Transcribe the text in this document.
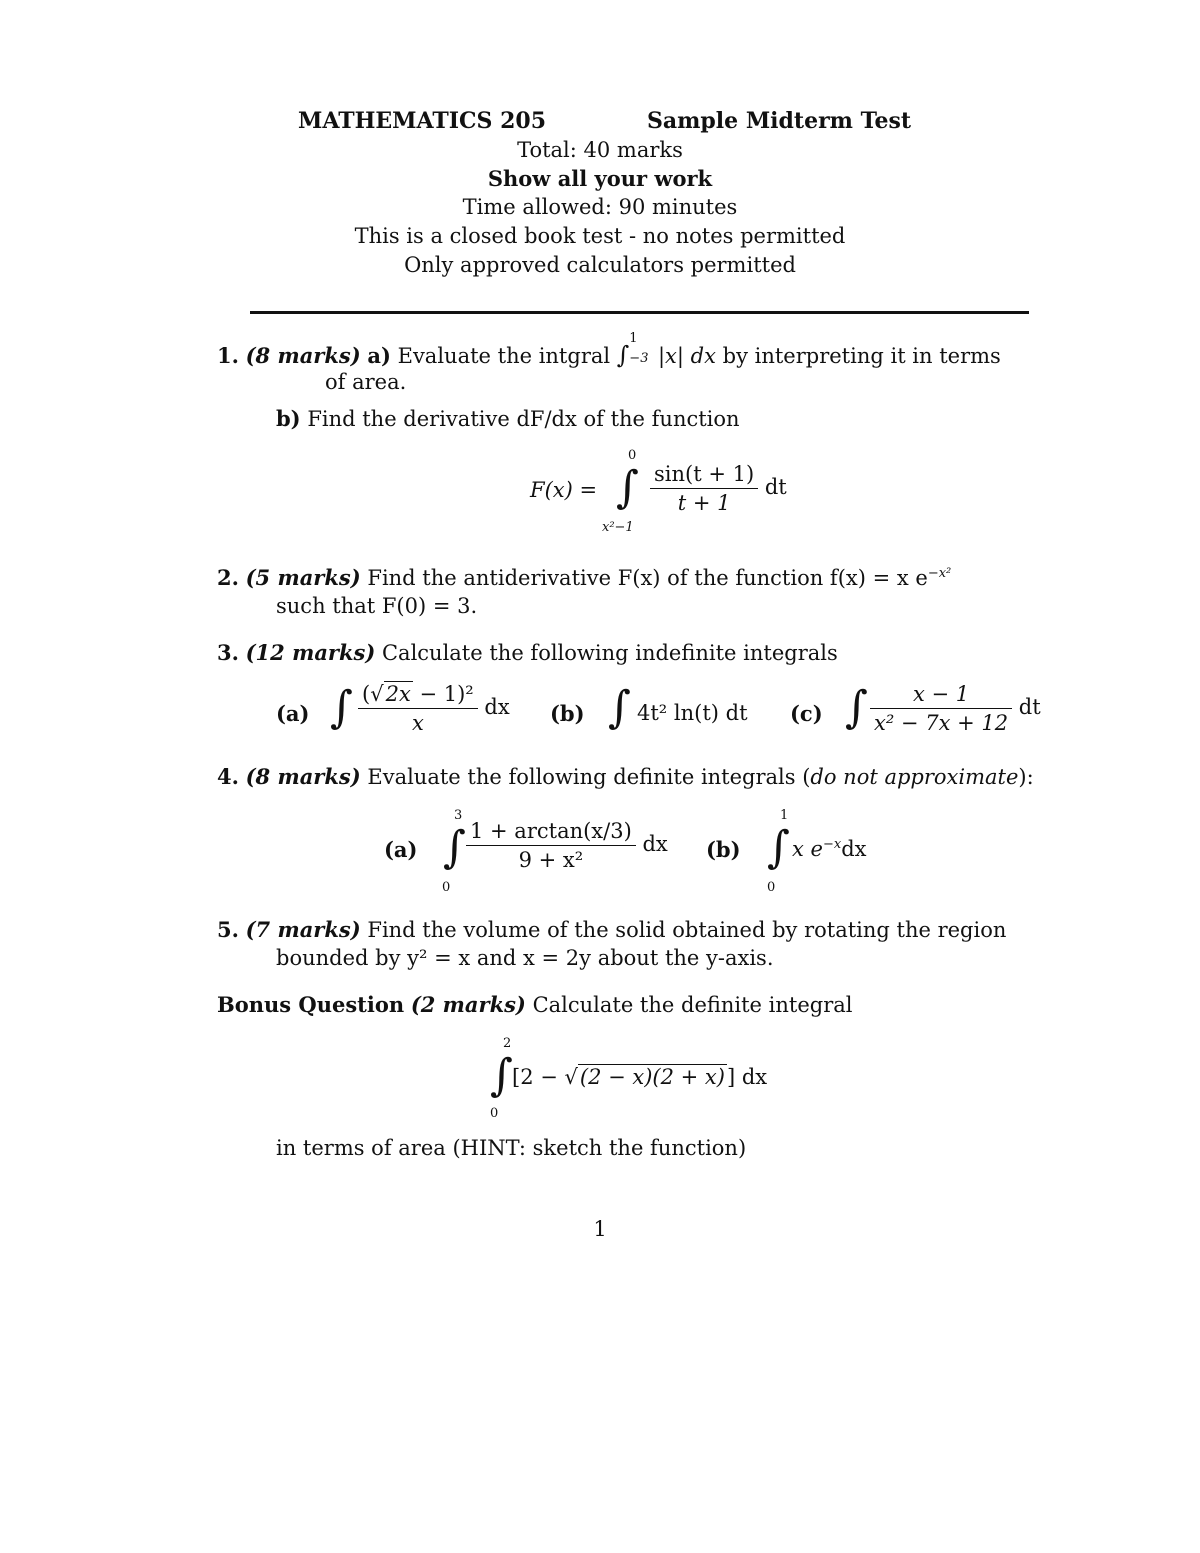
MATHEMATICS 205	Sample Midterm Test
Total: 40 marks
Show all your work
Time allowed: 90 minutes
This is a closed book test - no notes permitted
Only approved calculators permitted
1. (8 marks) a) Evaluate the intgral ∫
1
−3 |x| dx by interpreting it in terms
of area.
b) Find the derivative dF/dx of the function
F(x) =
0
∫
x²−1
$\frac{\sin(t + 1)}{t + 1}$ dt
2. (5 marks) Find the antiderivative F(x) of the function f(x) = x $e^{-x^2}$
such that F(0) = 3.
3. (12 marks) Calculate the following indefinite integrals
(a) ∫ $\frac{\text{(√2x − 1)²}}{x}$ dx (b) ∫ 4t² ln(t) dt (c) ∫ $\frac{x - 1}{\text{x² − 7x + 12}}$ dt
4. (8 marks) Evaluate the following definite integrals (do not approximate):
(a)
3
∫
0
$\frac{1 + \arctan(x/3)}{\text{9 + x²}}$ dx (b)
1
∫
0
x $e^{-x}dx$
5. (7 marks) Find the volume of the solid obtained by rotating the region
bounded by y² = x and x = 2y about the y-axis.
Bonus Question (2 marks) Calculate the definite integral
2
∫
0
[2 − √(2 − x)(2 + x)] dx
in terms of area (HINT: sketch the function)
1
